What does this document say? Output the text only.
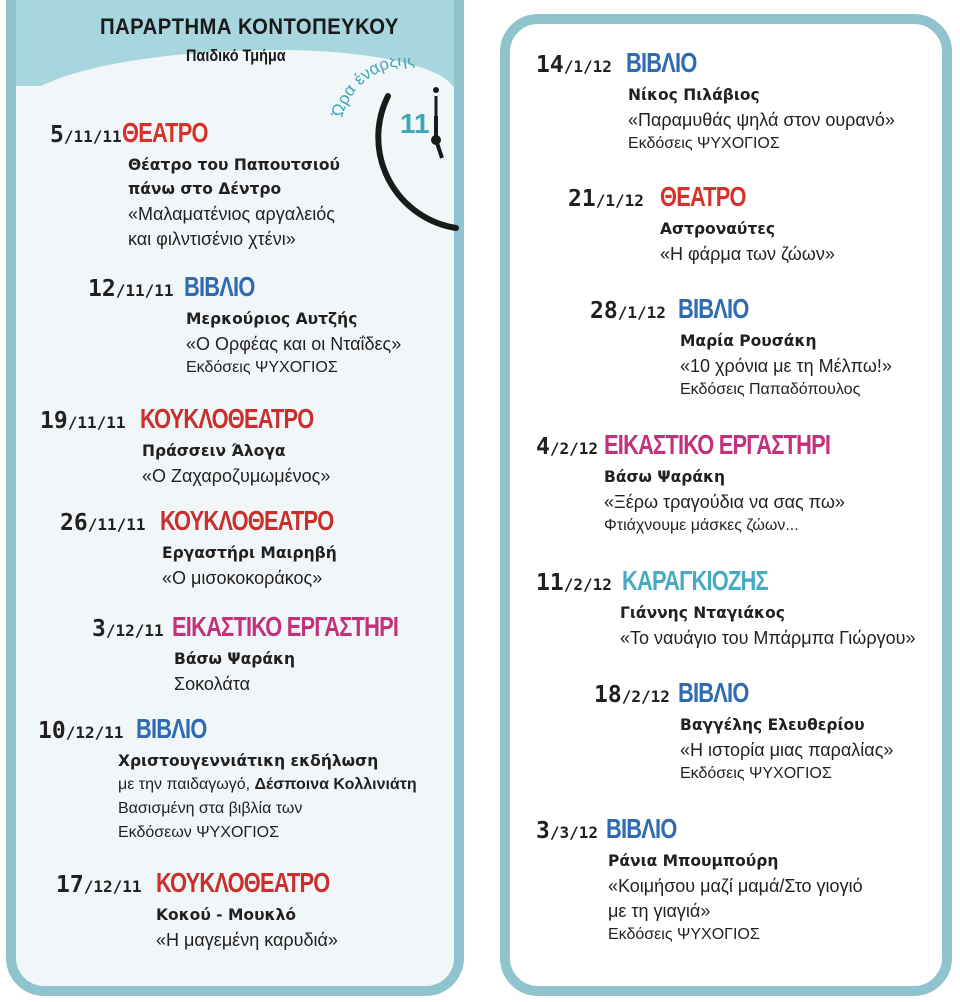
ΠΑΡΑΡΤΗΜΑ ΚΟΝΤΟΠΕΥΚΟΥ
Παιδικό Τμήμα
ρα έναρξης
11
5/11/11 ΘΕΑΤΡΟ
Θέατρο του Παπουτσιού
πάνω στο Δέντρο
«Μαλαματένιος αργαλειός
και φιλντισένιο χτένι»
12/11/11 ΒΙΒΛΙΟ
Μερκούριος Αυτζής
«Ο Ορφέας και οι Νταΐδες»
Εκδόσεις ΨΥΧΟΓΙΟΣ
19/11/11 ΚΟΥΚΛΟΘΕΑΤΡΟ
Πράσσειν Άλογα
«Ο Ζαχαροζυμωμένος»
26/11/11 ΚΟΥΚΛΟΘΕΑΤΡΟ
Εργαστήρι Μαιρηβή
«Ο μισοκοκοράκος»
3/12/11 ΕΙΚΑΣΤΙΚΟ ΕΡΓΑΣΤΗΡΙ
Βάσω Ψαράκη
Σοκολάτα
10/12/11 ΒΙΒΛΙΟ
Χριστουγεννιάτικη εκδήλωση
με την παιδαγωγό, Δέσποινα Κολλινιάτη
Βασισμένη στα βιβλία των
Εκδόσεων ΨΥΧΟΓΙΟΣ
17/12/11 ΚΟΥΚΛΟΘΕΑΤΡΟ
Κοκού - Μουκλό
«Η μαγεμένη καρυδιά»
14/1/12 ΒΙΒΛΙΟ
Νίκος Πιλάβιος
«Παραμυθάς ψηλά στον ουρανό»
Εκδόσεις ΨΥΧΟΓΙΟΣ
21/1/12 ΘΕΑΤΡΟ
Αστροναύτες
«Η φάρμα των ζώων»
28/1/12 ΒΙΒΛΙΟ
Μαρία Ρουσάκη
«10 χρόνια με τη Μέλπω!»
Εκδόσεις Παπαδόπουλος
4/2/12 ΕΙΚΑΣΤΙΚΟ ΕΡΓΑΣΤΗΡΙ
Βάσω Ψαράκη
«Ξέρω τραγούδια να σας πω»
Φτιάχνουμε μάσκες ζώων...
11/2/12 ΚΑΡΑΓΚΙΟΖΗΣ
Γιάννης Νταγιάκος
«Το ναυάγιο του Μπάρμπα Γιώργου»
18/2/12 ΒΙΒΛΙΟ
Βαγγέλης Ελευθερίου
«Η ιστορία μιας παραλίας»
Εκδόσεις ΨΥΧΟΓΙΟΣ
3/3/12 ΒΙΒΛΙΟ
Ράνια Μπουμπούρη
«Κοιμήσου μαζί μαμά/Στο γιογιό
με τη γιαγιά»
Εκδόσεις ΨΥΧΟΓΙΟΣ
